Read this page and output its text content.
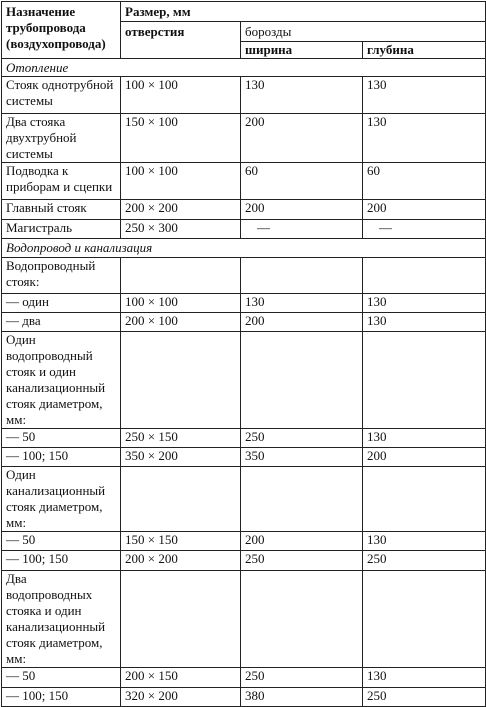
Назначение трубопровода (воздухопровода)	Размер, мм		
	отверстия	борозды	
		ширина	глубина
Отопление			
Стояк однотрубной системы	100 × 100	130	130
Два стояка двухтрубной системы	150 × 100	200	130
Подводка к приборам и сцепки	100 × 100	60	60
Главный стояк	200 × 200	200	200
Магистраль	250 × 300	—	—
Водопровод и канализация			
Водопроводный стояк:			
— один	100 × 100	130	130
— два	200 × 100	200	130
Один водопроводный стояк и один канализационный стояк диаметром, мм:			
— 50	250 × 150	250	130
— 100; 150	350 × 200	350	200
Один канализационный стояк диаметром, мм:			
— 50	150 × 150	200	130
— 100; 150	200 × 200	250	250
Два водопроводных стояка и один канализационный стояк диаметром, мм:			
— 50	200 × 150	250	130
— 100; 150	320 × 200	380	250
